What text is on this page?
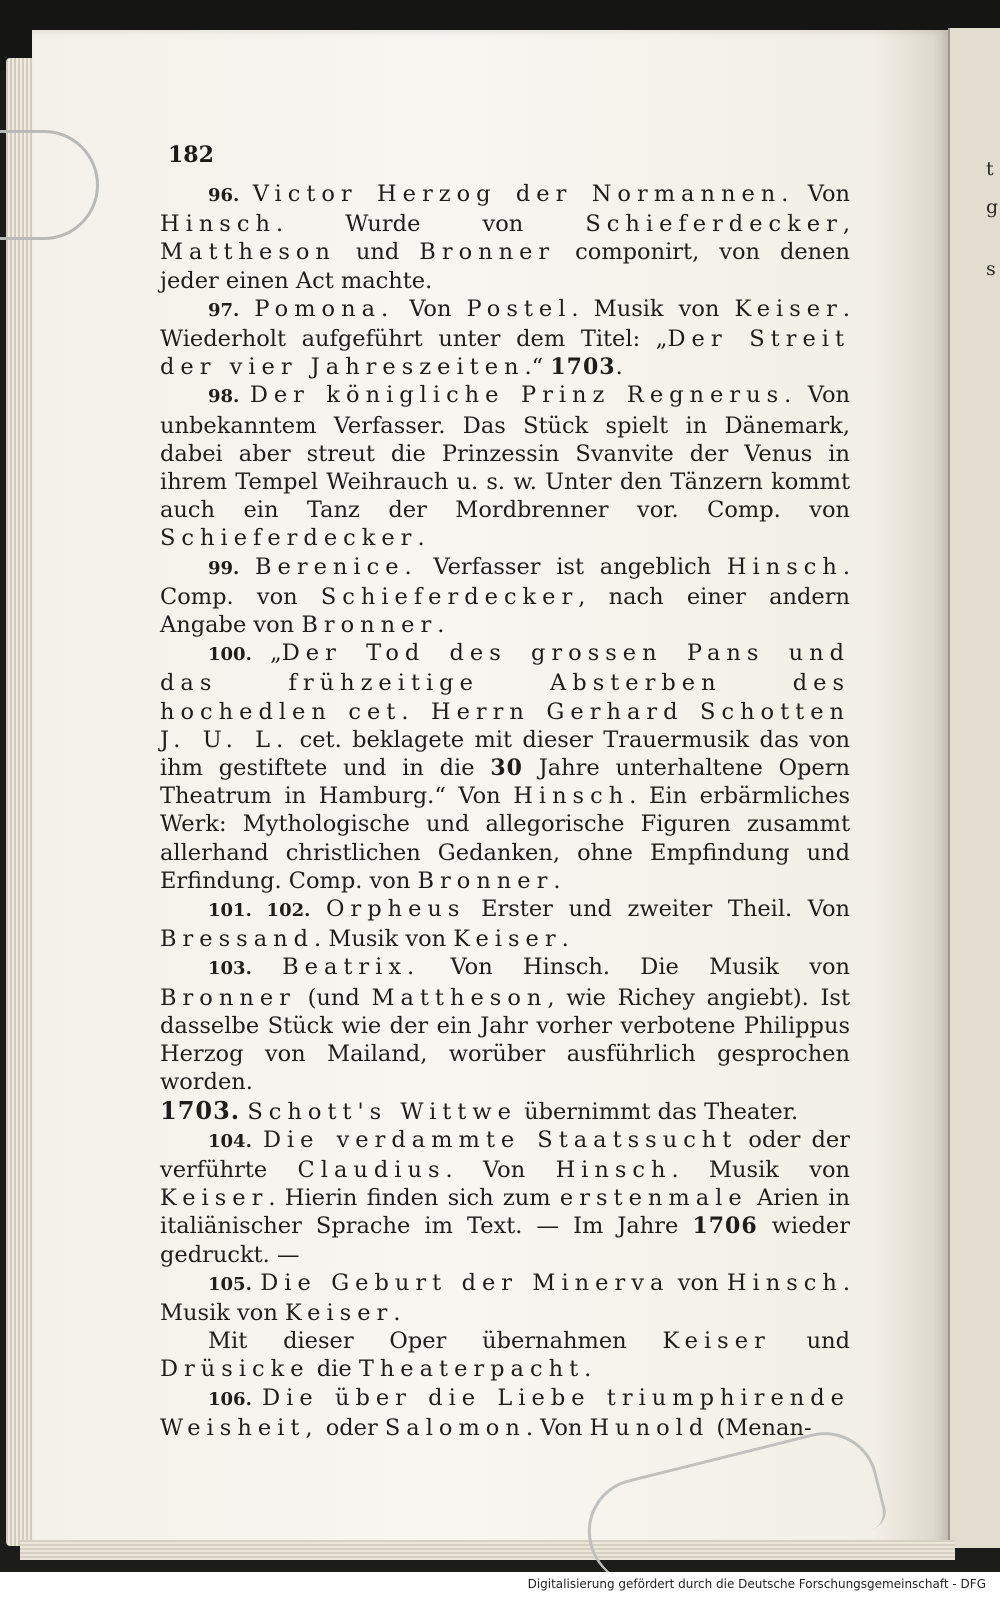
t
g
s
182

96. Victor Herzog der Normannen. Von Hinsch. Wurde von Schieferdecker, Mattheson und Bronner componirt, von denen jeder einen Act machte.

97. Pomona. Von Postel. Musik von Keiser. Wiederholt aufgeführt unter dem Titel: „Der Streit der vier Jahreszeiten.“ 1703.

98. Der königliche Prinz Regnerus. Von unbekanntem Verfasser. Das Stück spielt in Dänemark, dabei aber streut die Prinzessin Svanvite der Venus in ihrem Tempel Weihrauch u. s. w. Unter den Tänzern kommt auch ein Tanz der Mordbrenner vor. Comp. von Schieferdecker.

99. Berenice. Verfasser ist angeblich Hinsch. Comp. von Schieferdecker, nach einer andern Angabe von Bronner.

100. „Der Tod des grossen Pans und das frühzeitige Absterben des hochedlen cet. Herrn Gerhard Schotten J. U. L. cet. beklagete mit dieser Trauermusik das von ihm gestiftete und in die 30 Jahre unterhaltene Opern Theatrum in Hamburg.“ Von Hinsch. Ein erbärmliches Werk: Mythologische und allegorische Figuren zusammt allerhand christlichen Gedanken, ohne Empfindung und Erfindung. Comp. von Bronner.

101. 102. Orpheus Erster und zweiter Theil. Von Bressand. Musik von Keiser.

103. Beatrix. Von Hinsch. Die Musik von Bronner (und Mattheson, wie Richey angiebt). Ist dasselbe Stück wie der ein Jahr vorher verbotene Philippus Herzog von Mailand, worüber ausführlich gesprochen worden.

1703. Schott's Wittwe übernimmt das Theater.

104. Die verdammte Staatssucht oder der verführte Claudius. Von Hinsch. Musik von Keiser. Hierin finden sich zum erstenmale Arien in italiänischer Sprache im Text. — Im Jahre 1706 wieder gedruckt. —

105. Die Geburt der Minerva von Hinsch. Musik von Keiser.

Mit dieser Oper übernahmen Keiser und Drüsicke die Theaterpacht.

106. Die über die Liebe triumphirende Weisheit, oder Salomon. Von Hunold (Menan-

Digitalisierung gefördert durch die Deutsche Forschungsgemeinschaft - DFG
